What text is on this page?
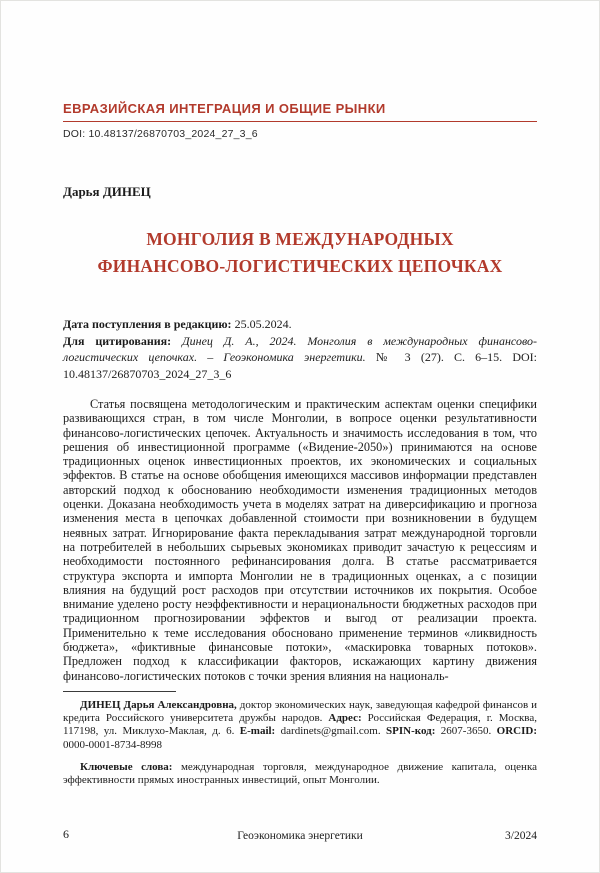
ЕВРАЗИЙСКАЯ ИНТЕГРАЦИЯ И ОБЩИЕ РЫНКИ
DOI: 10.48137/26870703_2024_27_3_6
Дарья ДИНЕЦ
МОНГОЛИЯ В МЕЖДУНАРОДНЫХ
ФИНАНСОВО-ЛОГИСТИЧЕСКИХ ЦЕПОЧКАХ

Дата поступления в редакцию: 25.05.2024.

Для цитирования: Динец Д. А., 2024. Монголия в международных финансово-логистических цепочках. – Геоэкономика энергетики. № 3 (27). С. 6–15. DOI: 10.48137/26870703_2024_27_3_6

Статья посвящена методологическим и практическим аспектам оценки специфики развивающихся стран, в том числе Монголии, в вопросе оценки результативности финансово-логистических цепочек. Актуальность и значимость исследования в том, что решения об инвестиционной программе («Видение-2050») принимаются на основе традиционных оценок инвестиционных проектов, их экономических и социальных эффектов. В статье на основе обобщения имеющихся массивов информации представлен авторский подход к обоснованию необходимости изменения традиционных методов оценки. Доказана необходимость учета в моделях затрат на диверсификацию и прогноза изменения места в цепочках добавленной стоимости при возникновении в будущем неявных затрат. Игнорирование факта перекладывания затрат международной торговли на потребителей в небольших сырьевых экономиках приводит зачастую к рецессиям и необходимости постоянного рефинансирования долга. В статье рассматривается структура экспорта и импорта Монголии не в традиционных оценках, а с позиции влияния на будущий рост расходов при отсутствии источников их покрытия. Особое внимание уделено росту неэффективности и нерациональности бюджетных расходов при традиционном прогнозировании эффектов и выгод от реализации проекта. Применительно к теме исследования обосновано применение терминов «ликвидность бюджета», «фиктивные финансовые потоки», «маскировка товарных потоков». Предложен подход к классификации факторов, искажающих картину движения финансово-логистических потоков с точки зрения влияния на националь-

ДИНЕЦ Дарья Александровна, доктор экономических наук, заведующая кафедрой финансов и кредита Российского университета дружбы народов. Адрес: Российская Федерация, г. Москва, 117198, ул. Миклухо-Маклая, д. 6. E-mail: dardinets@gmail.com. SPIN-код: 2607-3650. ORCID: 0000-0001-8734-8998

Ключевые слова: международная торговля, международное движение капитала, оценка эффективности прямых иностранных инвестиций, опыт Монголии.

6	Геоэкономика энергетики	3/2024
